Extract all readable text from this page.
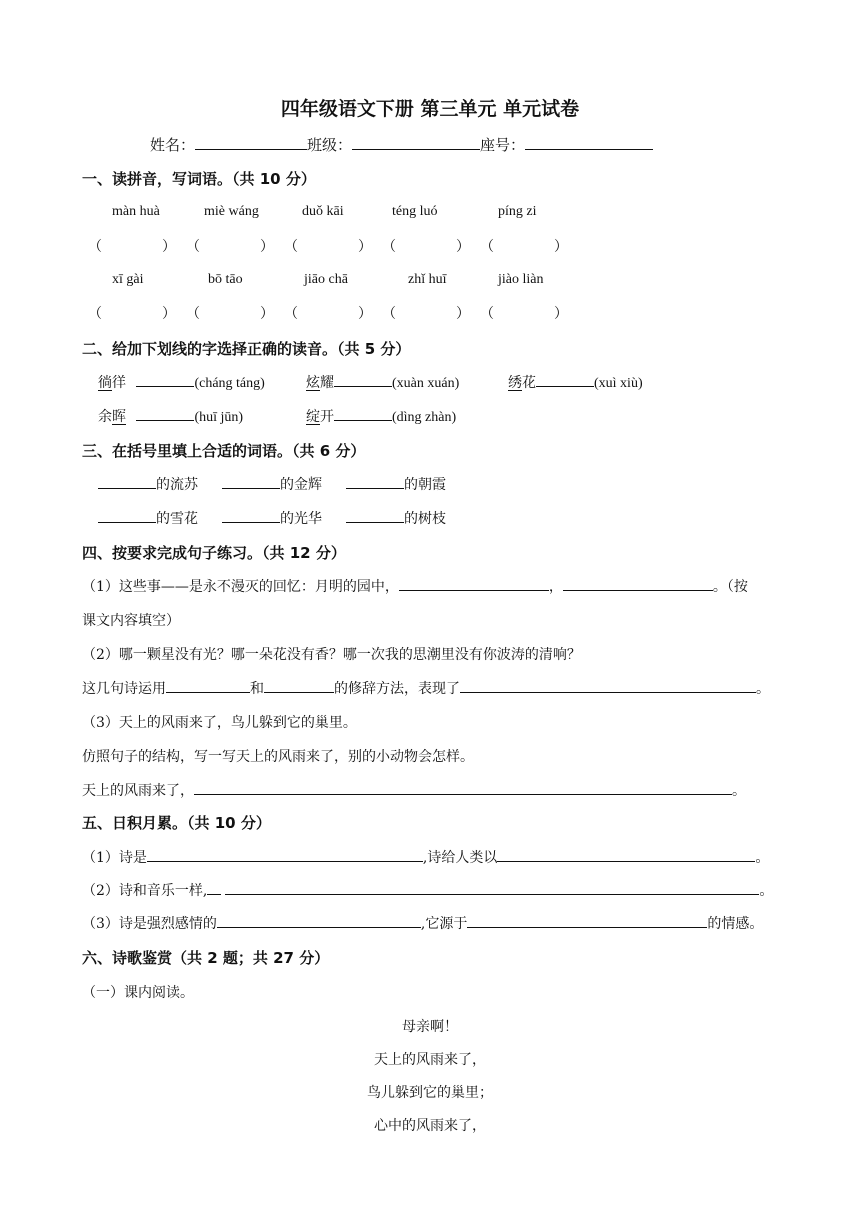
四年级语文下册 第三单元 单元试卷
姓名：	班级：	座号：
一、读拼音，写词语。（共 10 分）
màn huà	miè wáng	duǒ kāi	téng luó	píng zi
（	） （	） （	） （	） （	）
xī gài	bō tāo	jiāo chā	zhǐ huī	jiào liàn
（	） （	） （	） （	） （	）
二、给加下划线的字选择正确的读音。（共 5 分）
徜徉	(cháng táng)	炫耀	(xuàn xuán)	绣花	(xuì xiù)
余晖	(huī jūn)	绽开	(dìng zhàn)
三、在括号里填上合适的词语。（共 6 分）
的流苏	的金辉	的朝霞
的雪花	的光华	的树枝
四、按要求完成句子练习。（共 12 分）
（1）这些事——是永不漫灭的回忆：月明的园中，	，	。（按
课文内容填空）
（2）哪一颗星没有光？哪一朵花没有香？哪一次我的思潮里没有你波涛的清响？
这几句诗运用	和	的修辞方法，表现了	。
（3）天上的风雨来了，鸟儿躲到它的巢里。
仿照句子的结构，写一写天上的风雨来了，别的小动物会怎样。
天上的风雨来了，	。
五、日积月累。（共 10 分）
（1）诗是	,诗给人类以	。
（2）诗和音乐一样,	。
（3）诗是强烈感情的	,它源于	的情感。
六、诗歌鉴赏（共 2 题；共 27 分）
（一）课内阅读。
母亲啊！
天上的风雨来了，
鸟儿躲到它的巢里；
心中的风雨来了，
